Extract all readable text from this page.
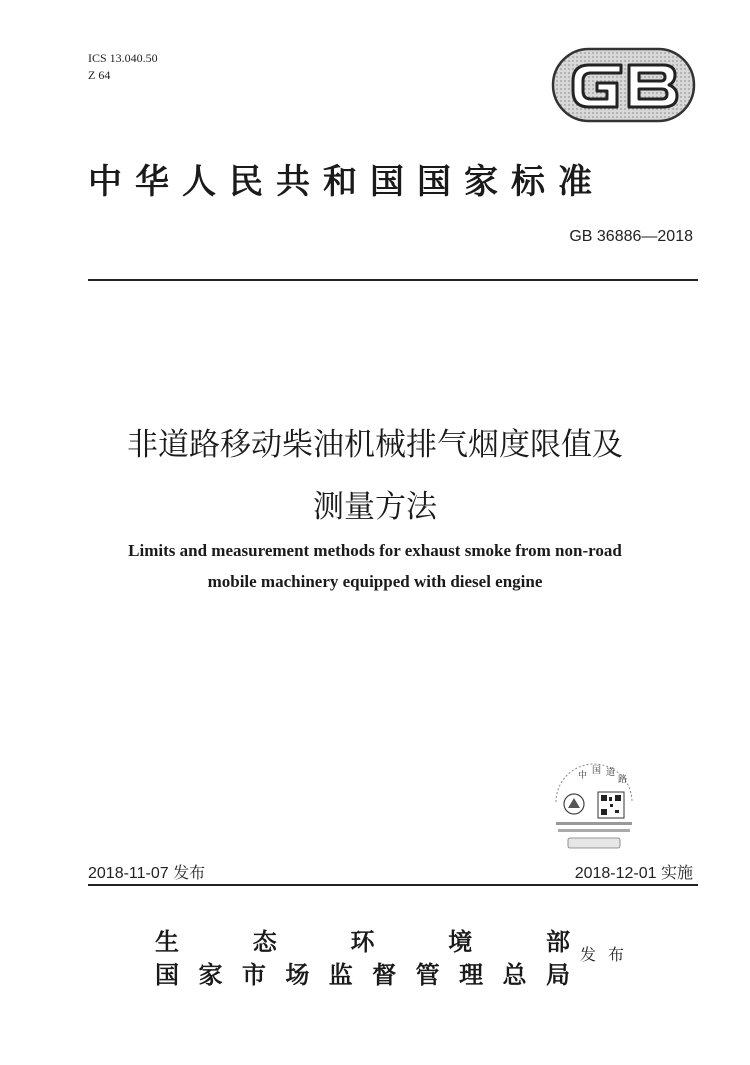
ICS 13.040.50
Z 64
中华人民共和国国家标准
GB 36886—2018
非道路移动柴油机械排气烟度限值及
测量方法
Limits and measurement methods for exhaust smoke from non-road
mobile machinery equipped with diesel engine
中 国 道
路
2018-11-07 发布	2018-12-01 实施
生	态	环	境	部
国 家 市 场 监 督 管 理 总 局
发布
